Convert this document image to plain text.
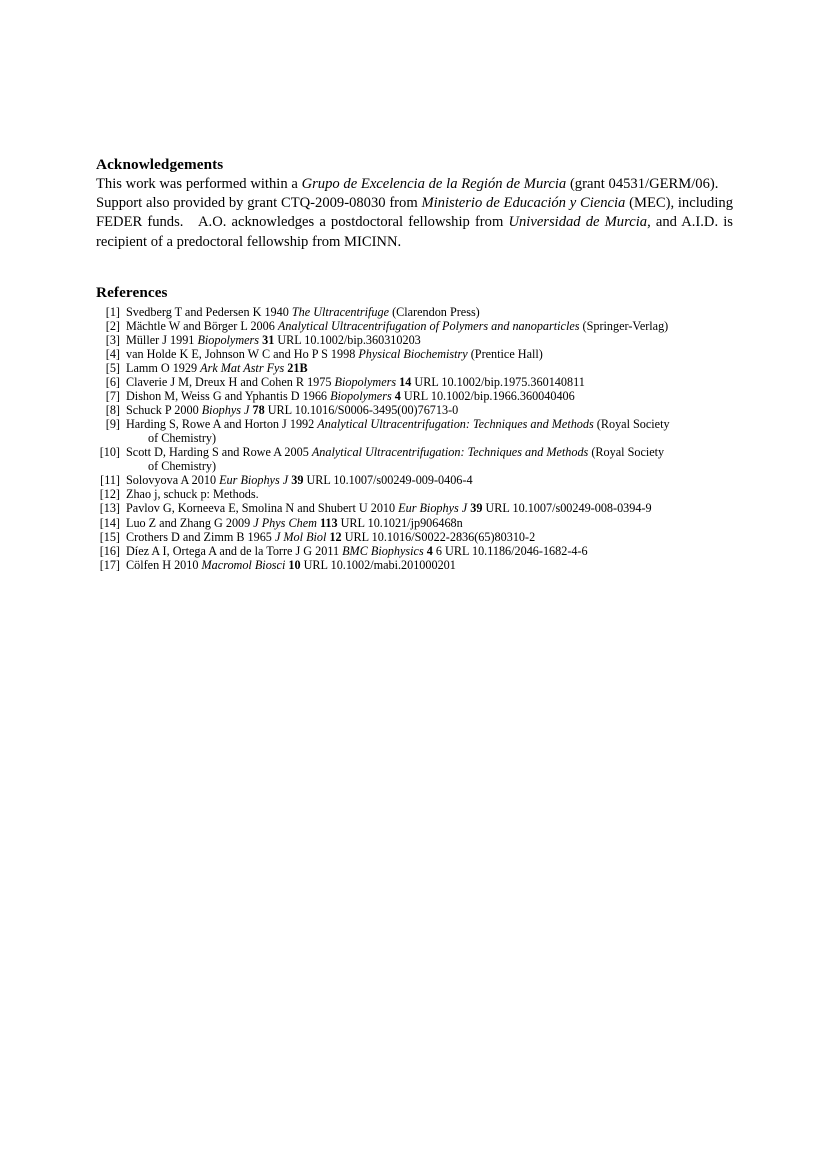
Acknowledgements

This work was performed within a Grupo de Excelencia de la Región de Murcia (grant 04531/GERM/06). Support also provided by grant CTQ-2009-08030 from Ministerio de Educación y Ciencia (MEC), including FEDER funds. A.O. acknowledges a postdoctoral fellowship from Universidad de Murcia, and A.I.D. is recipient of a predoctoral fellowship from MICINN.

References
[1] Svedberg T and Pedersen K 1940 The Ultracentrifuge (Clarendon Press)
[2] Mächtle W and Börger L 2006 Analytical Ultracentrifugation of Polymers and nanoparticles (Springer-Verlag)
[3] Müller J 1991 Biopolymers 31 URL 10.1002/bip.360310203
[4] van Holde K E, Johnson W C and Ho P S 1998 Physical Biochemistry (Prentice Hall)
[5] Lamm O 1929 Ark Mat Astr Fys 21B
[6] Claverie J M, Dreux H and Cohen R 1975 Biopolymers 14 URL 10.1002/bip.1975.360140811
[7] Dishon M, Weiss G and Yphantis D 1966 Biopolymers 4 URL 10.1002/bip.1966.360040406
[8] Schuck P 2000 Biophys J 78 URL 10.1016/S0006-3495(00)76713-0
[9] Harding S, Rowe A and Horton J 1992 Analytical Ultracentrifugation: Techniques and Methods (Royal Society
of Chemistry)
[10] Scott D, Harding S and Rowe A 2005 Analytical Ultracentrifugation: Techniques and Methods (Royal Society
of Chemistry)
[11] Solovyova A 2010 Eur Biophys J 39 URL 10.1007/s00249-009-0406-4
[12] Zhao j, schuck p: Methods.
[13] Pavlov G, Korneeva E, Smolina N and Shubert U 2010 Eur Biophys J 39 URL 10.1007/s00249-008-0394-9
[14] Luo Z and Zhang G 2009 J Phys Chem 113 URL 10.1021/jp906468n
[15] Crothers D and Zimm B 1965 J Mol Biol 12 URL 10.1016/S0022-2836(65)80310-2
[16] Díez A I, Ortega A and de la Torre J G 2011 BMC Biophysics 4 6 URL 10.1186/2046-1682-4-6
[17] Cölfen H 2010 Macromol Biosci 10 URL 10.1002/mabi.201000201
